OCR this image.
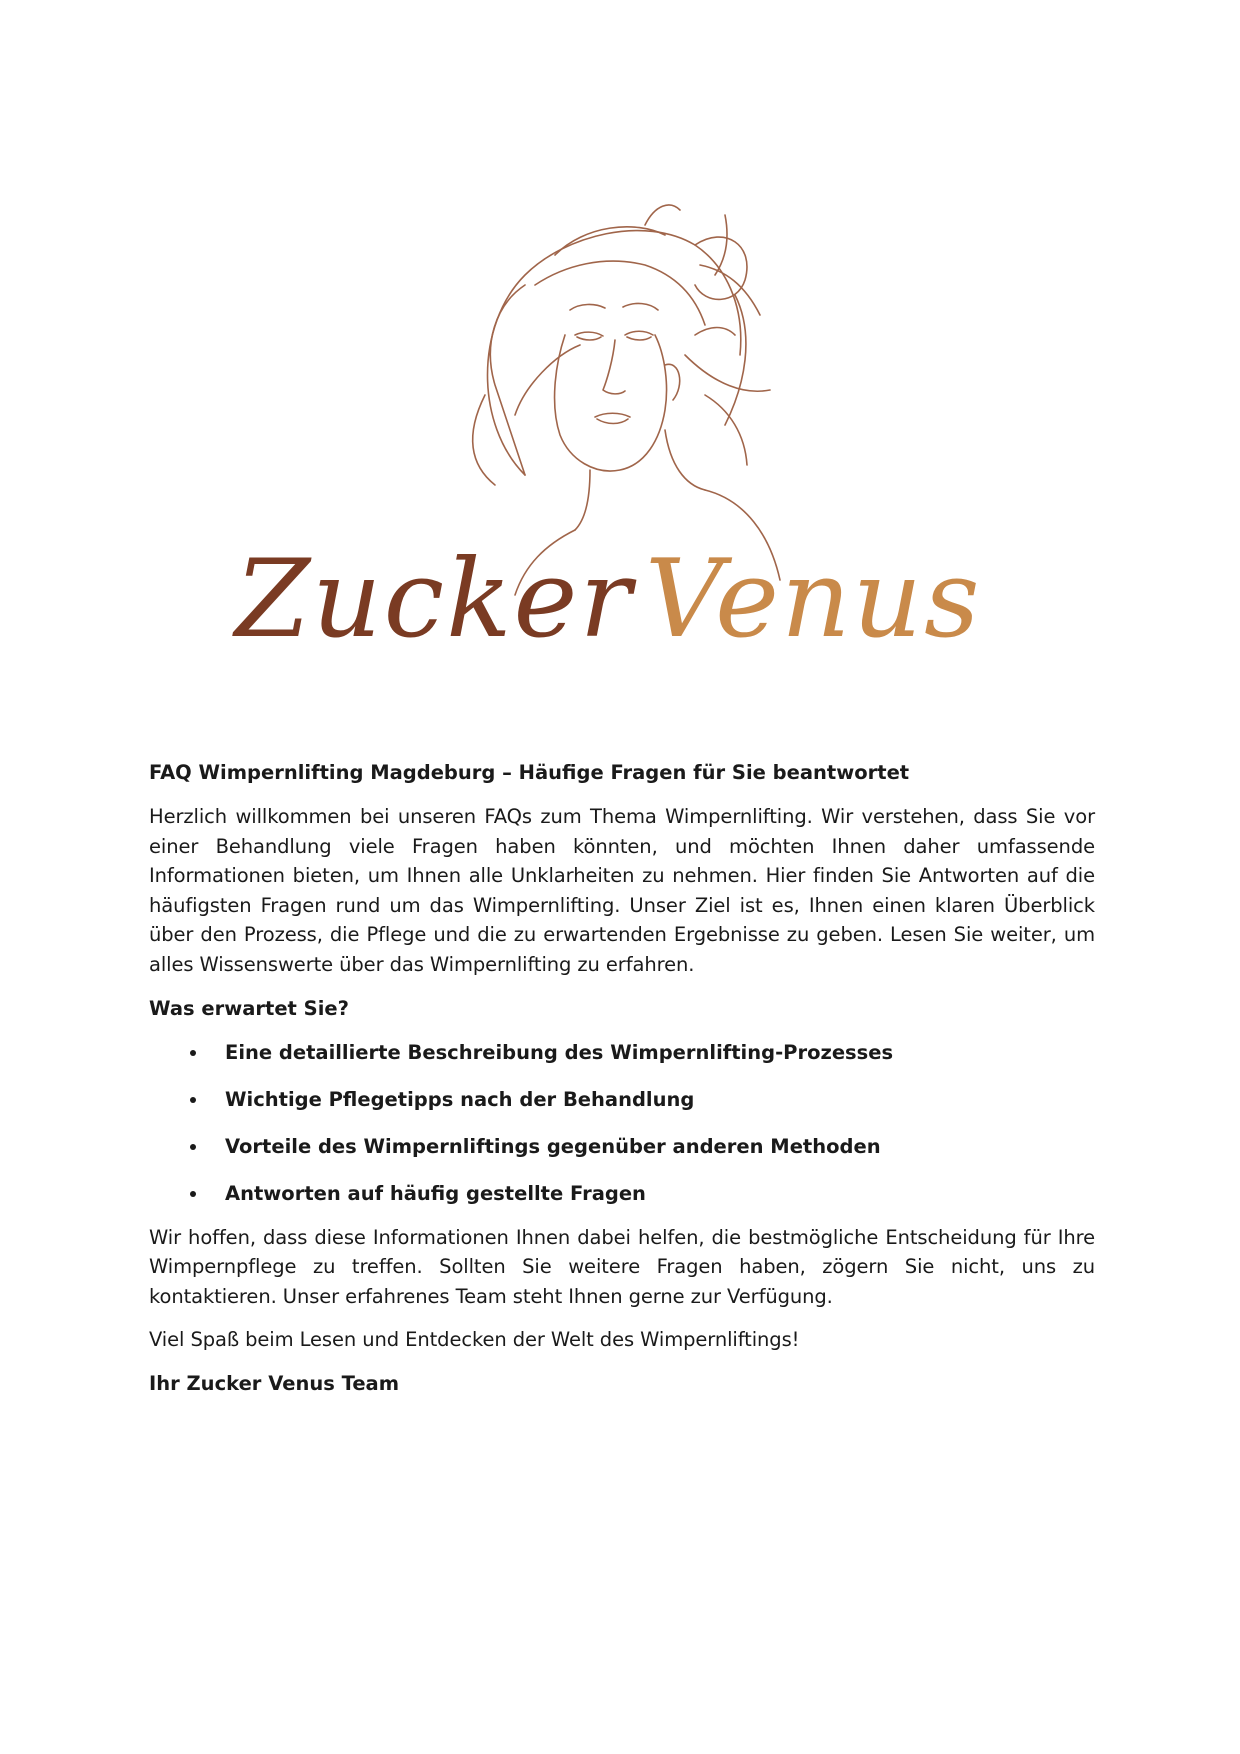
Zucker Venus
FAQ Wimpernlifting Magdeburg – Häufige Fragen für Sie beantwortet

Herzlich willkommen bei unseren FAQs zum Thema Wimpernlifting. Wir verstehen, dass Sie vor einer Behandlung viele Fragen haben könnten, und möchten Ihnen daher umfassende Informationen bieten, um Ihnen alle Unklarheiten zu nehmen. Hier finden Sie Antworten auf die häufigsten Fragen rund um das Wimpernlifting. Unser Ziel ist es, Ihnen einen klaren Überblick über den Prozess, die Pflege und die zu erwartenden Ergebnisse zu geben. Lesen Sie weiter, um alles Wissenswerte über das Wimpernlifting zu erfahren.

Was erwartet Sie?

Eine detaillierte Beschreibung des Wimpernlifting-Prozesses
Wichtige Pflegetipps nach der Behandlung
Vorteile des Wimpernliftings gegenüber anderen Methoden
Antworten auf häufig gestellte Fragen

Wir hoffen, dass diese Informationen Ihnen dabei helfen, die bestmögliche Entscheidung für Ihre Wimpernpflege zu treffen. Sollten Sie weitere Fragen haben, zögern Sie nicht, uns zu kontaktieren. Unser erfahrenes Team steht Ihnen gerne zur Verfügung.

Viel Spaß beim Lesen und Entdecken der Welt des Wimpernliftings!

Ihr Zucker Venus Team
